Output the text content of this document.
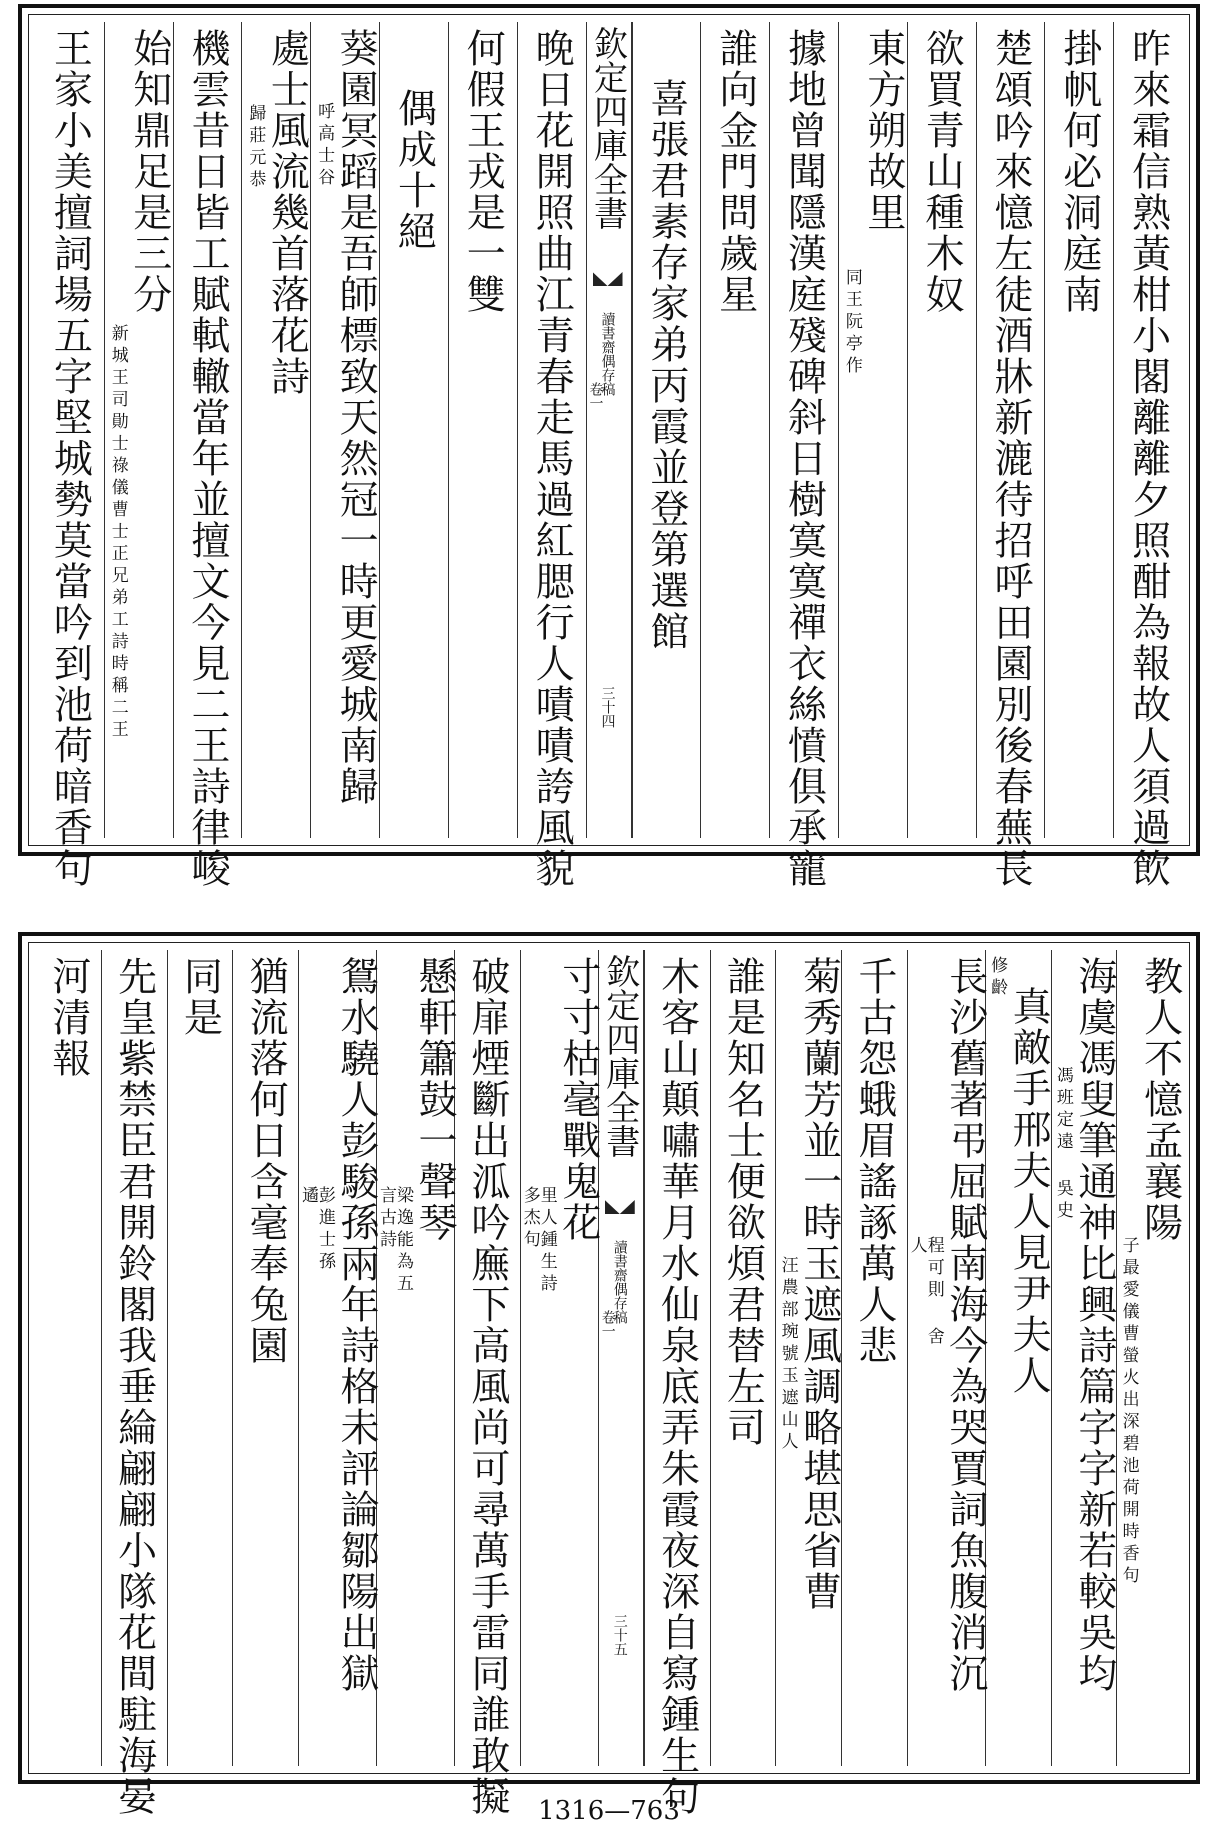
昨來霜信熟黃柑小閣離離夕照酣為報故人須過飲
掛帆何必洞庭南
楚頌吟來憶左徒酒牀新漉待招呼田園別後春蕪長
欲買青山種木奴
東方朔故里
同王阮亭作
據地曾聞隱漢庭殘碑斜日樹寞寞禪衣絲憤俱承寵
誰向金門問歲星
喜張君素存家弟丙霞並登第選館
欽定四庫全書
讀書齋偶存稿
卷一
三十四
晚日花開照曲江青春走馬過紅腮行人嘖嘖誇風貌
何假王戎是一雙
偶成十絕
葵園冥蹈是吾師標致天然冠一時更愛城南歸
呼高士谷
處士風流幾首落花詩
歸莊元恭
機雲昔日皆工賦軾轍當年並擅文今見二王詩律峻
始知鼎足是三分
新城王司勛士祿儀曹士正兄弟工詩時稱二王
王家小美擅詞場五字堅城勢莫當吟到池荷暗香句
教人不憶孟襄陽
子最愛儀曹螢火出深碧池荷開時香句
海虞馮叟筆通神比興詩篇字字新若較吳均
馮班定遠 吳史
真敵手邢夫人見尹夫人
修齡
長沙舊著弔屈賦南海今為哭賈詞魚腹消沉
程可則 舍人
千古怨蛾眉謠諑萬人悲
菊秀蘭芳並一時玉遮風調略堪思省曹
汪農部琬號玉遮山人
誰是知名士便欲煩君替左司
木客山顛嘯華月水仙泉底弄朱霞夜深自寫鍾生句
欽定四庫全書
讀書齋偶存稿
卷一
三十五
寸寸枯毫戰鬼花
里人鍾生詩多杰句
破扉煙斷出泒吟廡下高風尚可尋萬手雷同誰敢擬
懸軒簫鼓一聲琴
梁逸能為五言古詩
鴛水驍人彭駿孫兩年詩格未評論鄒陽出獄
彭進士孫遹
猶流落何日含毫奉兔園
同是
先皇紫禁臣君開鈴閣我垂綸翩翩小隊花間駐海晏
河清報
1316—763
